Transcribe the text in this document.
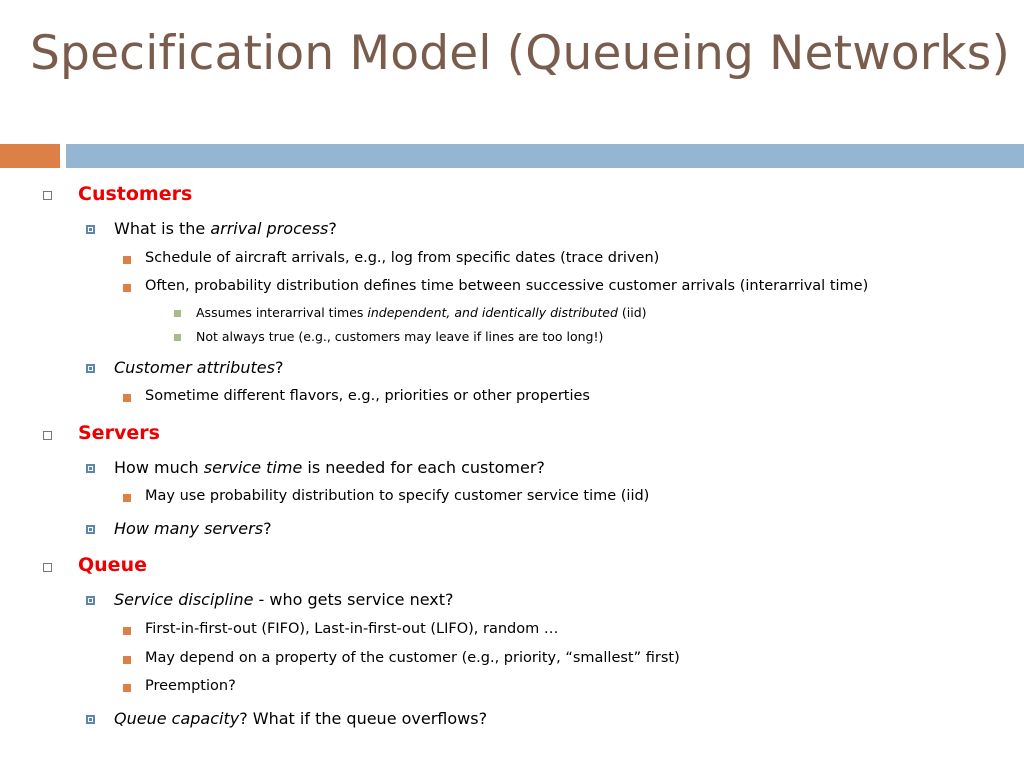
Specification Model (Queueing Networks)
Customers
What is the arrival process?
Schedule of aircraft arrivals, e.g., log from specific dates (trace driven)
Often, probability distribution defines time between successive customer arrivals (interarrival time)
Assumes interarrival times independent, and identically distributed (iid)
Not always true (e.g., customers may leave if lines are too long!)
Customer attributes?
Sometime different flavors, e.g., priorities or other properties
Servers
How much service time is needed for each customer?
May use probability distribution to specify customer service time (iid)
How many servers?
Queue
Service discipline - who gets service next?
First-in-first-out (FIFO), Last-in-first-out (LIFO), random …
May depend on a property of the customer (e.g., priority, “smallest” first)
Preemption?
Queue capacity? What if the queue overflows?
